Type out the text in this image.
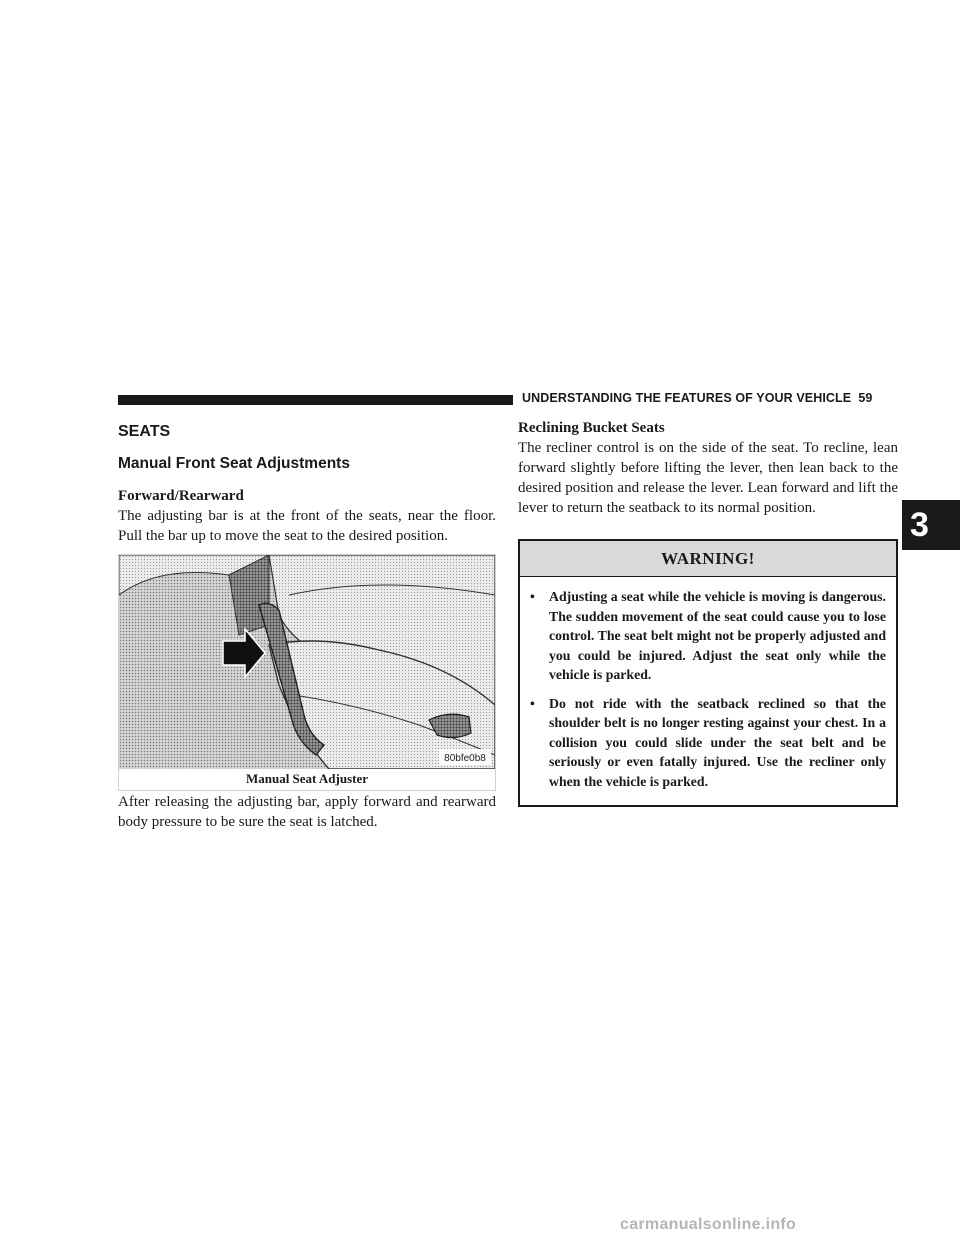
UNDERSTANDING THE FEATURES OF YOUR VEHICLE 59
3
SEATS
Manual Front Seat Adjustments
Forward/Rearward

The adjusting bar is at the front of the seats, near the floor. Pull the bar up to move the seat to the desired position.

80bfe0b8
Manual Seat Adjuster

After releasing the adjusting bar, apply forward and rearward body pressure to be sure the seat is latched.

Reclining Bucket Seats

The recliner control is on the side of the seat. To recline, lean forward slightly before lifting the lever, then lean back to the desired position and release the lever. Lean forward and lift the lever to return the seatback to its normal position.

WARNING!
• Adjusting a seat while the vehicle is moving is dangerous. The sudden movement of the seat could cause you to lose control. The seat belt might not be properly adjusted and you could be injured. Adjust the seat only while the vehicle is parked.
• Do not ride with the seatback reclined so that the shoulder belt is no longer resting against your chest. In a collision you could slide under the seat belt and be seriously or even fatally injured. Use the recliner only when the vehicle is parked.
carmanualsonline.info
